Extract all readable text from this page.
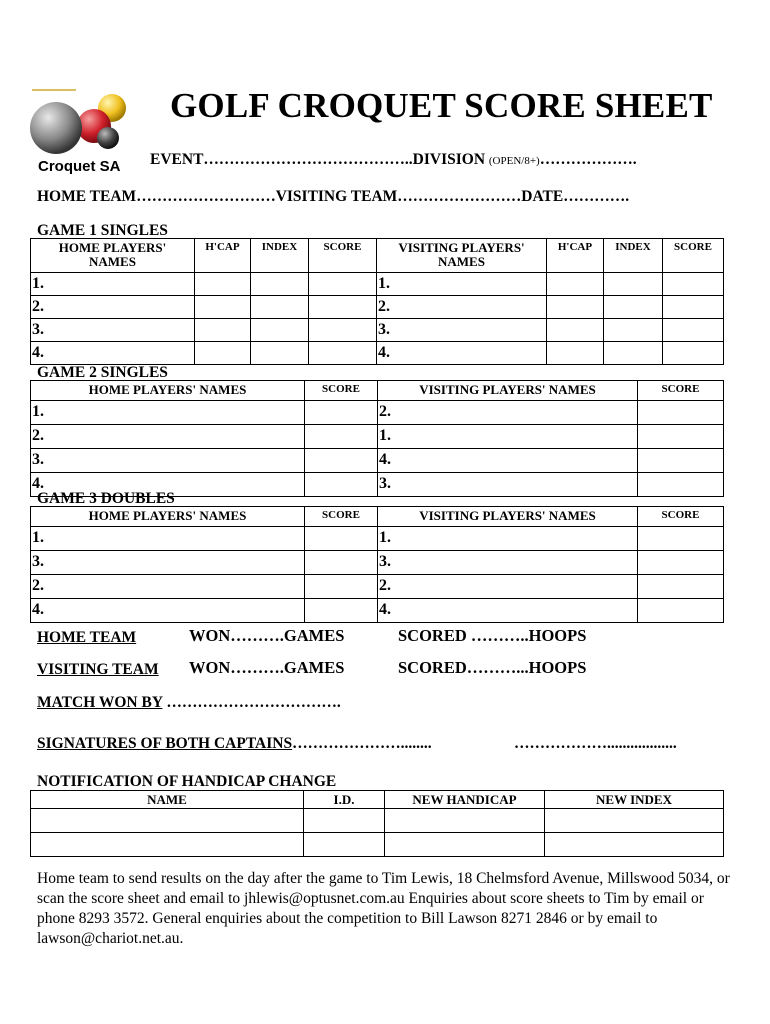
Croquet SA
GOLF CROQUET SCORE SHEET
EVENT…………………………………..DIVISION (OPEN/8+)……………….
HOME TEAM………………………VISITING TEAM……………………DATE………….
GAME 1 SINGLES
HOME PLAYERS'
NAMES	H'CAP	INDEX	SCORE	VISITING PLAYERS'
NAMES	H'CAP	INDEX	SCORE
1.				1.			
2.				2.			
3.				3.			
4.				4.			
GAME 2 SINGLES
HOME PLAYERS' NAMES	SCORE	VISITING PLAYERS' NAMES	SCORE
1.		2.	
2.		1.	
3.		4.	
4.		3.	
GAME 3 DOUBLES
HOME PLAYERS' NAMES	SCORE	VISITING PLAYERS' NAMES	SCORE
1.		1.	
3.		3.	
2.		2.	
4.		4.	
HOME TEAM	WON……….GAMES	SCORED ………..HOOPS
VISITING TEAM	WON……….GAMES	SCORED………...HOOPS
MATCH WON BY …………………………….
SIGNATURES OF BOTH CAPTAINS…………………........	………………..................
NOTIFICATION OF HANDICAP CHANGE
NAME	I.D.	NEW HANDICAP	NEW INDEX

Home team to send results on the day after the game to Tim Lewis, 18 Chelmsford Avenue, Millswood 5034, or scan the score sheet and email to jhlewis@optusnet.com.au Enquiries about score sheets to Tim by email or phone 8293 3572. General enquiries about the competition to Bill Lawson 8271 2846 or by email to lawson@chariot.net.au.
